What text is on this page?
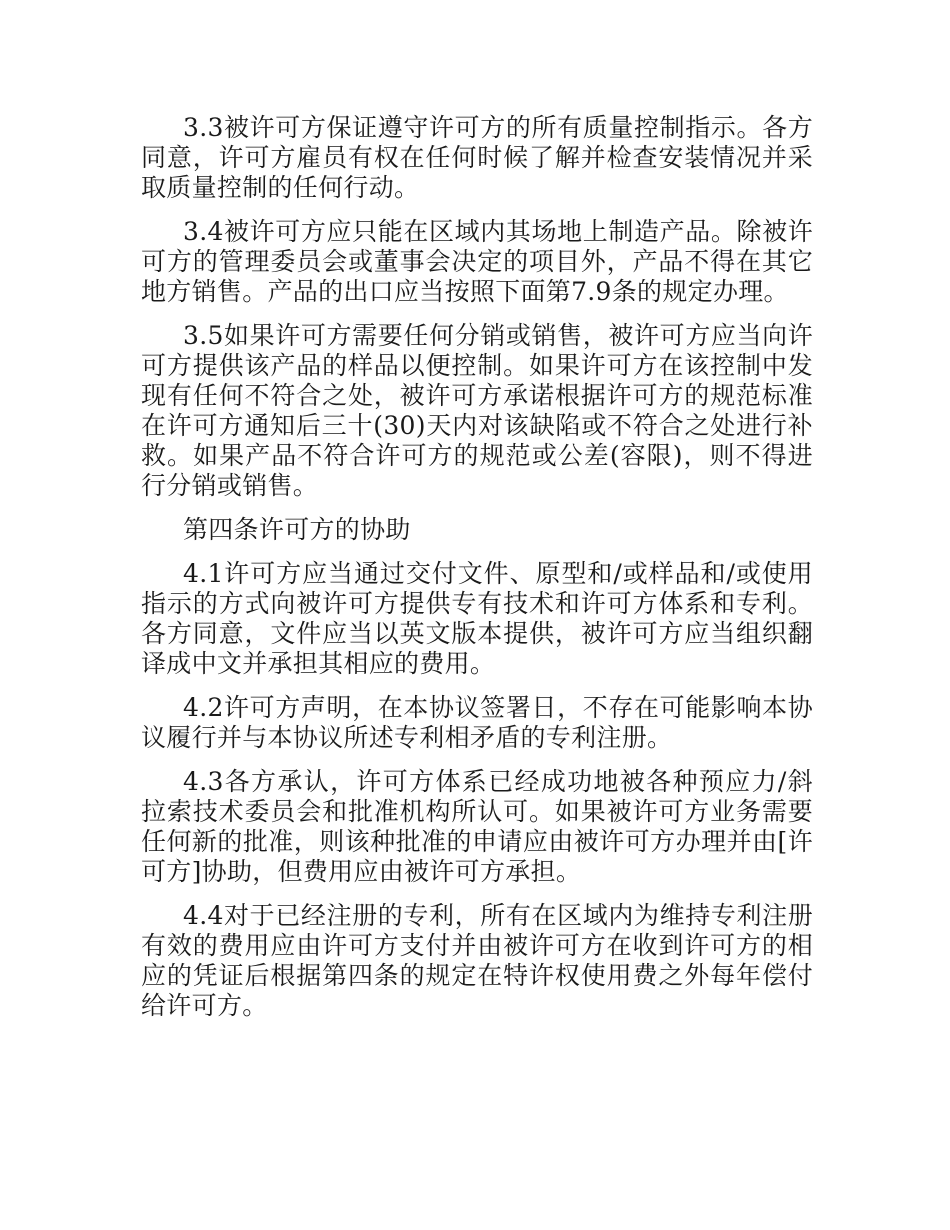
3.3被许可方保证遵守许可方的所有质量控制指示。各方同意，许可方雇员有权在任何时候了解并检查安装情况并采取质量控制的任何行动。

3.4被许可方应只能在区域内其场地上制造产品。除被许可方的管理委员会或董事会决定的项目外，产品不得在其它地方销售。产品的出口应当按照下面第7.9条的规定办理。

3.5如果许可方需要任何分销或销售，被许可方应当向许可方提供该产品的样品以便控制。如果许可方在该控制中发现有任何不符合之处，被许可方承诺根据许可方的规范标准在许可方通知后三十(30)天内对该缺陷或不符合之处进行补救。如果产品不符合许可方的规范或公差(容限)，则不得进行分销或销售。

第四条许可方的协助

4.1许可方应当通过交付文件、原型和/或样品和/或使用指示的方式向被许可方提供专有技术和许可方体系和专利。各方同意，文件应当以英文版本提供，被许可方应当组织翻译成中文并承担其相应的费用。

4.2许可方声明，在本协议签署日，不存在可能影响本协议履行并与本协议所述专利相矛盾的专利注册。

4.3各方承认，许可方体系已经成功地被各种预应力/斜拉索技术委员会和批准机构所认可。如果被许可方业务需要任何新的批准，则该种批准的申请应由被许可方办理并由[许可方]协助，但费用应由被许可方承担。

4.4对于已经注册的专利，所有在区域内为维持专利注册有效的费用应由许可方支付并由被许可方在收到许可方的相应的凭证后根据第四条的规定在特许权使用费之外每年偿付给许可方。
